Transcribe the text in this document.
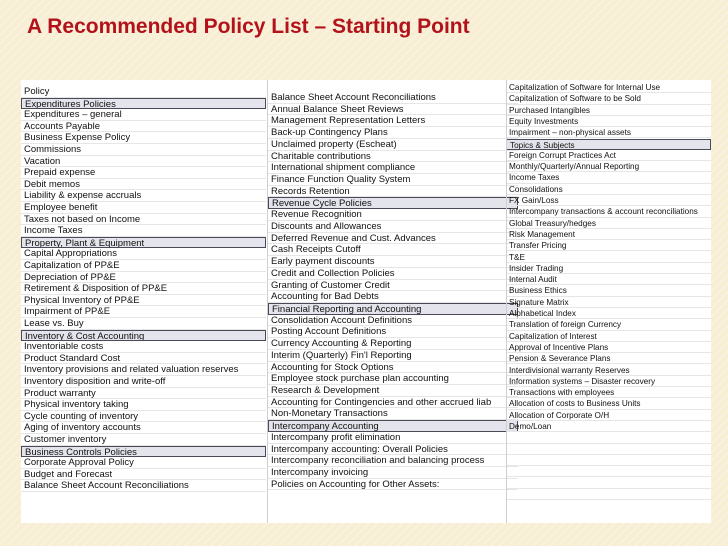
A Recommended Policy List – Starting Point
Policy
Expenditures Policies
Expenditures – general
Accounts Payable
Business Expense Policy
Commissions
Vacation
Prepaid expense
Debit memos
Liability & expense accruals
Employee benefit
Taxes not based on Income
Income Taxes
Property, Plant & Equipment
Capital Appropriations
Capitalization of PP&E
Depreciation of PP&E
Retirement & Disposition of PP&E
Physical Inventory of PP&E
Impairment of PP&E
Lease vs. Buy
Inventory & Cost Accounting
Inventoriable costs
Product Standard Cost
Inventory provisions and related valuation reserves
Inventory disposition and write-off
Product warranty
Physical inventory taking
Cycle counting of inventory
Aging of inventory accounts
Customer inventory
Business Controls Policies
Corporate Approval Policy
Budget and Forecast
Balance Sheet Account Reconciliations
Balance Sheet Account Reconciliations
Annual Balance Sheet Reviews
Management Representation Letters
Back-up Contingency Plans
Unclaimed property (Escheat)
Charitable contributions
International shipment compliance
Finance Function Quality System
Records Retention
Revenue Cycle Policies
Revenue Recognition
Discounts and Allowances
Deferred Revenue and Cust. Advances
Cash Receipts Cutoff
Early payment discounts
Credit and Collection Policies
Granting of Customer Credit
Accounting for Bad Debts
Financial Reporting and Accounting
Consolidation Account Definitions
Posting Account Definitions
Currency Accounting & Reporting
Interim (Quarterly) Fin'l Reporting
Accounting for Stock Options
Employee stock purchase plan accounting
Research & Development
Accounting for Contingencies and other accrued liab
Non-Monetary Transactions
Intercompany Accounting
Intercompany profit elimination
Intercompany accounting: Overall Policies
Intercompany reconciliation and balancing process
Intercompany invoicing
Policies on Accounting for Other Assets:
Capitalization of Software for Internal Use
Capitalization of Software to be Sold
Purchased Intangibles
Equity Investments
Impairment – non-physical assets
Topics & Subjects
Foreign Corrupt Practices Act
Monthly/Quarterly/Annual Reporting
Income Taxes
Consolidations
FX Gain/Loss
Intercompany transactions & account reconciliations
Global Treasury/hedges
Risk Management
Transfer Pricing
T&E
Insider Trading
Internal Audit
Business Ethics
Signature Matrix
Alphabetical Index
Translation of foreign Currency
Capitalization of Interest
Approval of Incentive Plans
Pension & Severance Plans
Interdivisional warranty Reserves
Information systems – Disaster recovery
Transactions with employees
Allocation of costs to Business Units
Allocation of Corporate O/H
Demo/Loan
